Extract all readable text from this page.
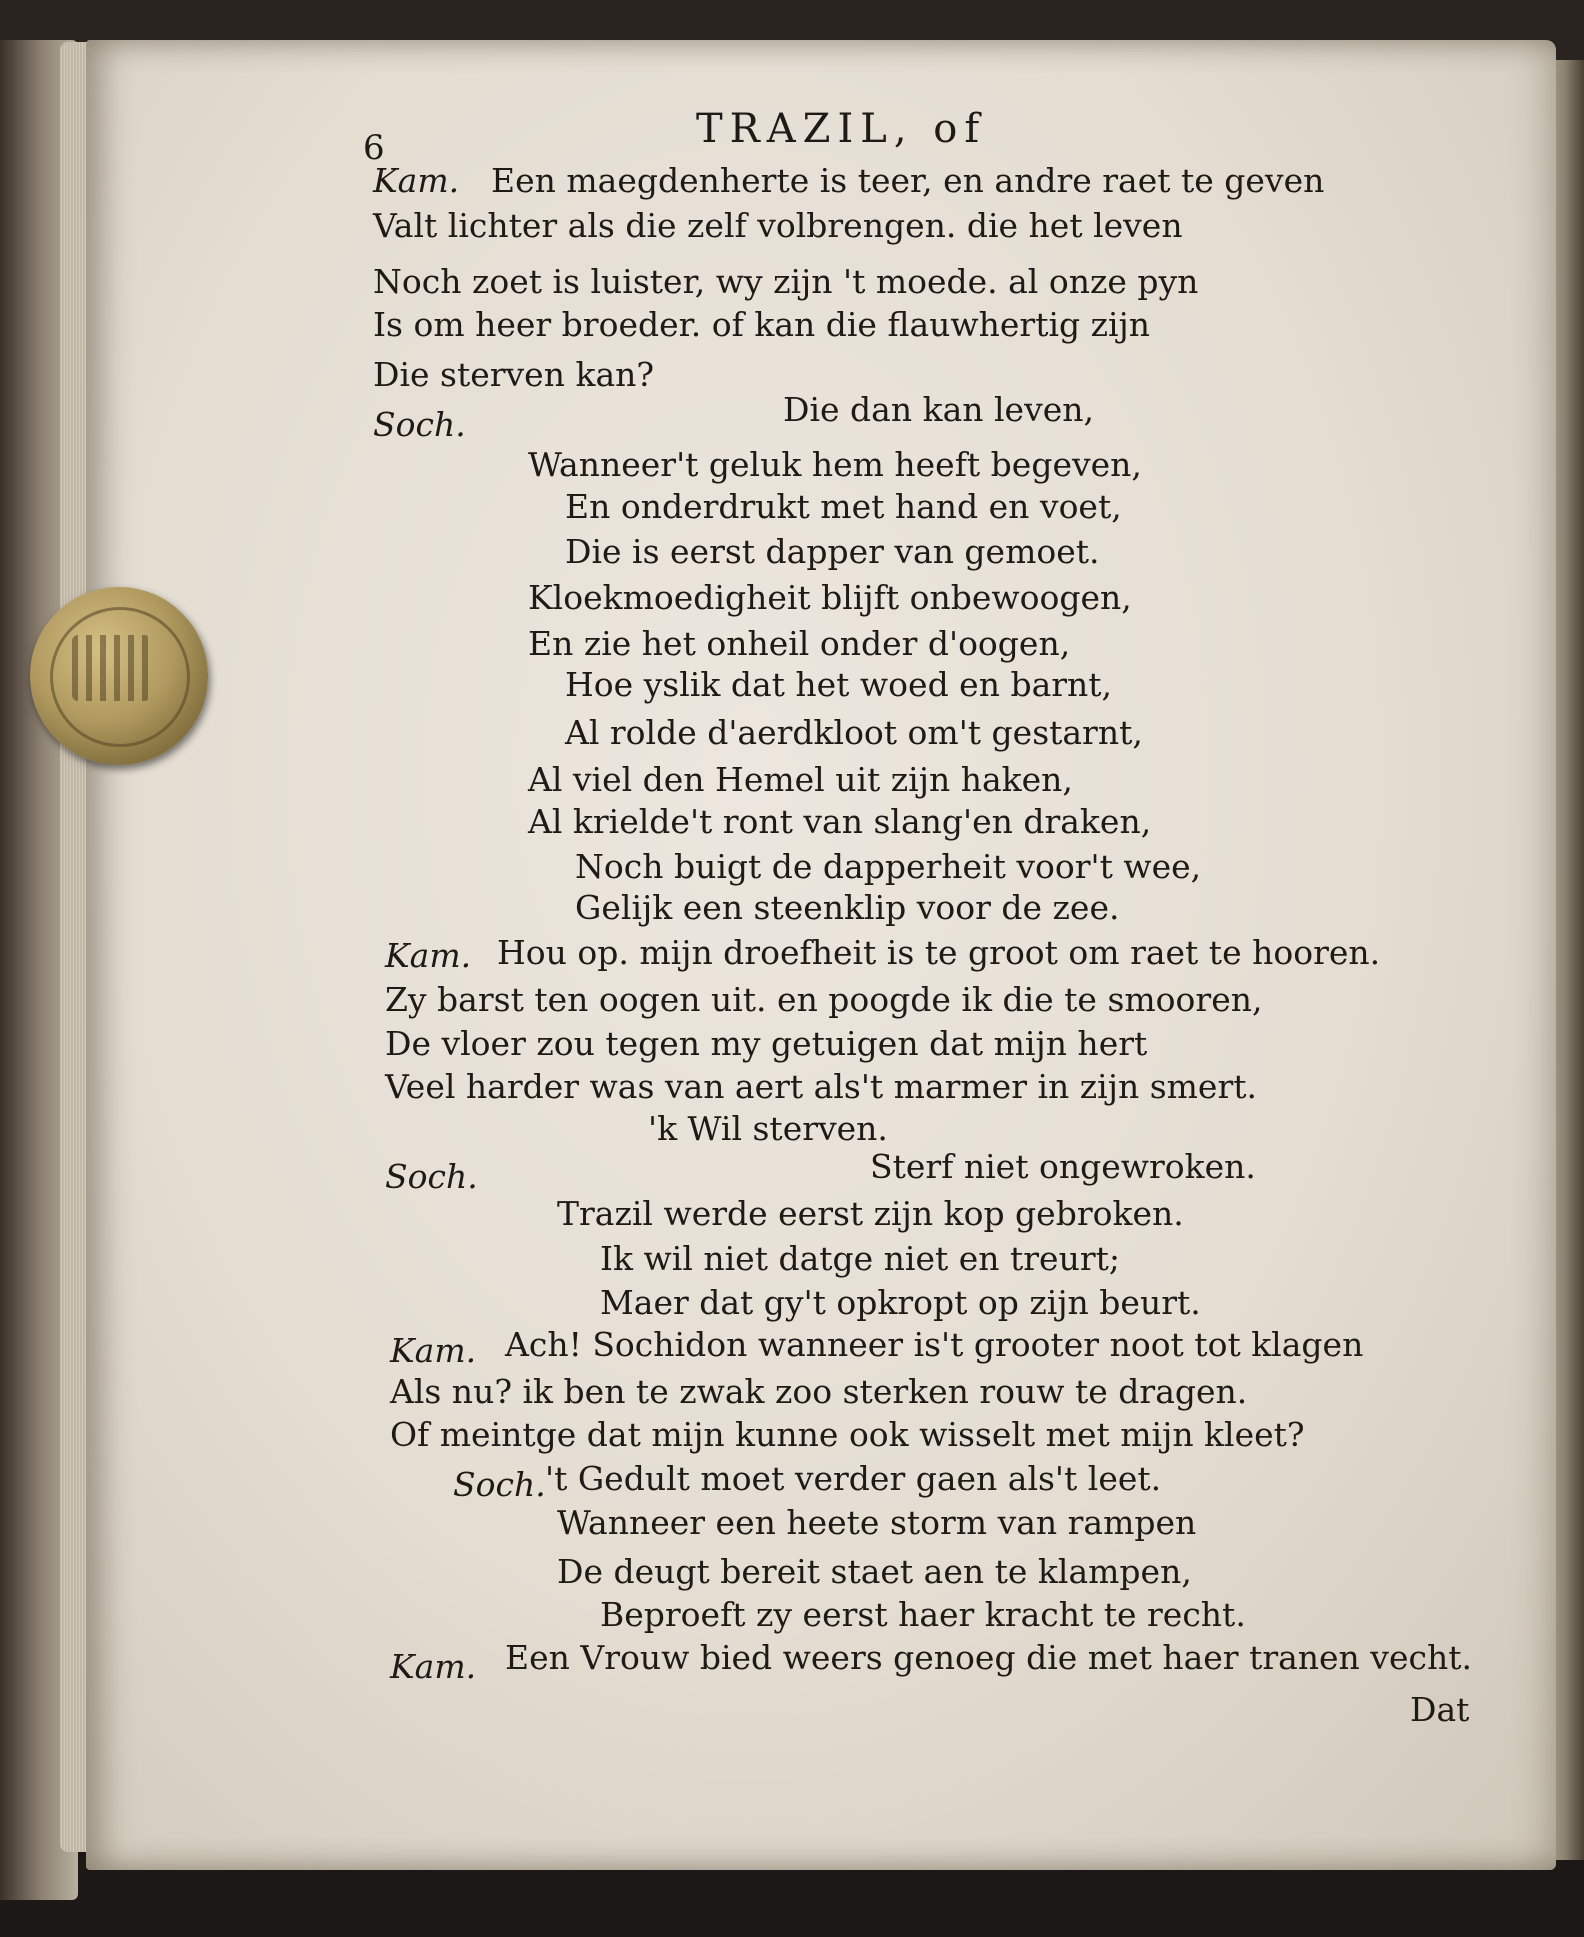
6	TRAZIL, of
Kam. Een maegdenherte is teer, en andre raet te geven
Valt lichter als die zelf volbrengen. die het leven
Noch zoet is luister, wy zijn 't moede. al onze pyn
Is om heer broeder. of kan die flauwhertig zijn
Die sterven kan?
Soch.	Die dan kan leven,
Wanneer't geluk hem heeft begeven,
En onderdrukt met hand en voet,
Die is eerst dapper van gemoet.
Kloekmoedigheit blijft onbewoogen,
En zie het onheil onder d'oogen,
Hoe yslik dat het woed en barnt,
Al rolde d'aerdkloot om't gestarnt,
Al viel den Hemel uit zijn haken,
Al krielde't ront van slang'en draken,
Noch buigt de dapperheit voor't wee,
Gelijk een steenklip voor de zee.
Kam. Hou op. mijn droefheit is te groot om raet te hooren.
Zy barst ten oogen uit. en poogde ik die te smooren,
De vloer zou tegen my getuigen dat mijn hert
Veel harder was van aert als't marmer in zijn smert.
'k Wil sterven.
Soch.	Sterf niet ongewroken.
Trazil werde eerst zijn kop gebroken.
Ik wil niet datge niet en treurt;
Maer dat gy't opkropt op zijn beurt.
Kam. Ach! Sochidon wanneer is't grooter noot tot klagen
Als nu? ik ben te zwak zoo sterken rouw te dragen.
Of meintge dat mijn kunne ook wisselt met mijn kleet?
Soch. 't Gedult moet verder gaen als't leet.
Wanneer een heete storm van rampen
De deugt bereit staet aen te klampen,
Beproeft zy eerst haer kracht te recht.
Kam. Een Vrouw bied weers genoeg die met haer tranen vecht.
Dat
